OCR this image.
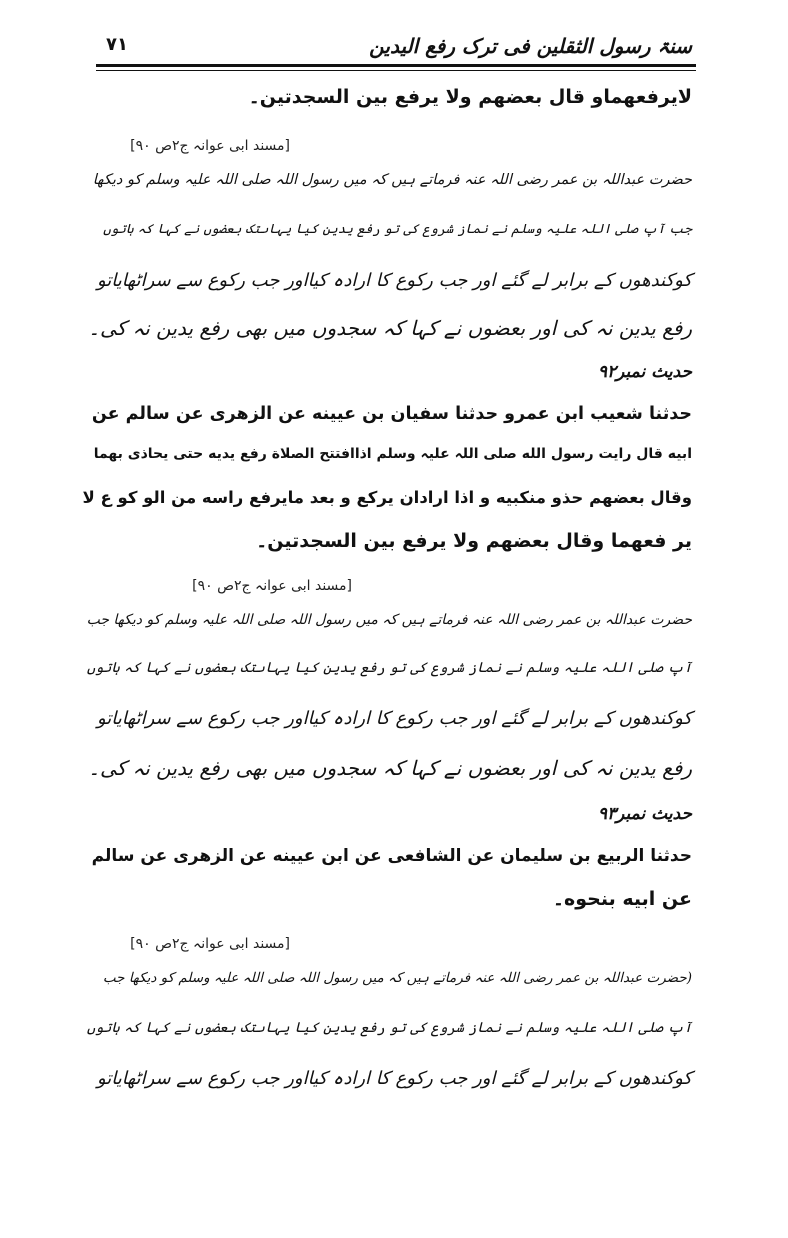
سنۃ رسول الثقلین فی ترک رفع الیدین
۷۱
لایرفعھماو قال بعضھم ولا یرفع بین السجدتین۔
[مسند ابی عوانہ ج۲ص ۹۰]
حضرت عبداللہ بن عمر رضی اللہ عنہ فرماتے ہیں کہ میں رسول اللہ صلی اللہ علیہ وسلم کو دیکھا
جب آپ صلی اللہ علیہ وسلم نے نماز شروع کی تو رفع یدین کیا یہاںتک بعضوں نے کہا کہ ہاتوں
کوکندھوں کے برابر لے گئے اور جب رکوع کا ارادہ کیااور جب رکوع سے سراٹھایاتو
رفع یدین نہ کی اور بعضوں نے کہا کہ سجدوں میں بھی رفع یدین نہ کی۔
حدیث نمبر۹۲
حدثنا شعیب ابن عمرو حدثنا سفیان بن عیینه عن الزهری عن سالم عن
ابیه قال رایت رسول الله صلی اللہ علیہ وسلم اذاافتتح الصلاة رفع یدیه حتی یحاذی بھما
وقال بعضھم حذو منکبیه و اذا ارادان یرکع و بعد مایرفع راسه من الو کو ع لا
یر فعھما وقال بعضھم ولا یرفع بین السجدتین۔
[مسند ابی عوانہ ج۲ص ۹۰]
حضرت عبداللہ بن عمر رضی اللہ عنہ فرماتے ہیں کہ میں رسول اللہ صلی اللہ علیہ وسلم کو دیکھا جب
آپ صلی اللہ علیہ وسلم نے نماز شروع کی تو رفع یدین کیا یہاںتک بعضوں نے کہا کہ ہاتوں
کوکندھوں کے برابر لے گئے اور جب رکوع کا ارادہ کیااور جب رکوع سے سراٹھایاتو
رفع یدین نہ کی اور بعضوں نے کہا کہ سجدوں میں بھی رفع یدین نہ کی۔
حدیث نمبر۹۳
حدثنا الربیع بن سلیمان عن الشافعی عن ابن عیینه عن الزهری عن سالم
عن ابیه بنحوه۔
[مسند ابی عوانہ ج۲ص ۹۰]
(حضرت عبداللہ بن عمر رضی اللہ عنہ فرماتے ہیں کہ میں رسول اللہ صلی اللہ علیہ وسلم کو دیکھا جب
آپ صلی اللہ علیہ وسلم نے نماز شروع کی تو رفع یدین کیا یہاںتک بعضوں نے کہا کہ ہاتوں
کوکندھوں کے برابر لے گئے اور جب رکوع کا ارادہ کیااور جب رکوع سے سراٹھایاتو
